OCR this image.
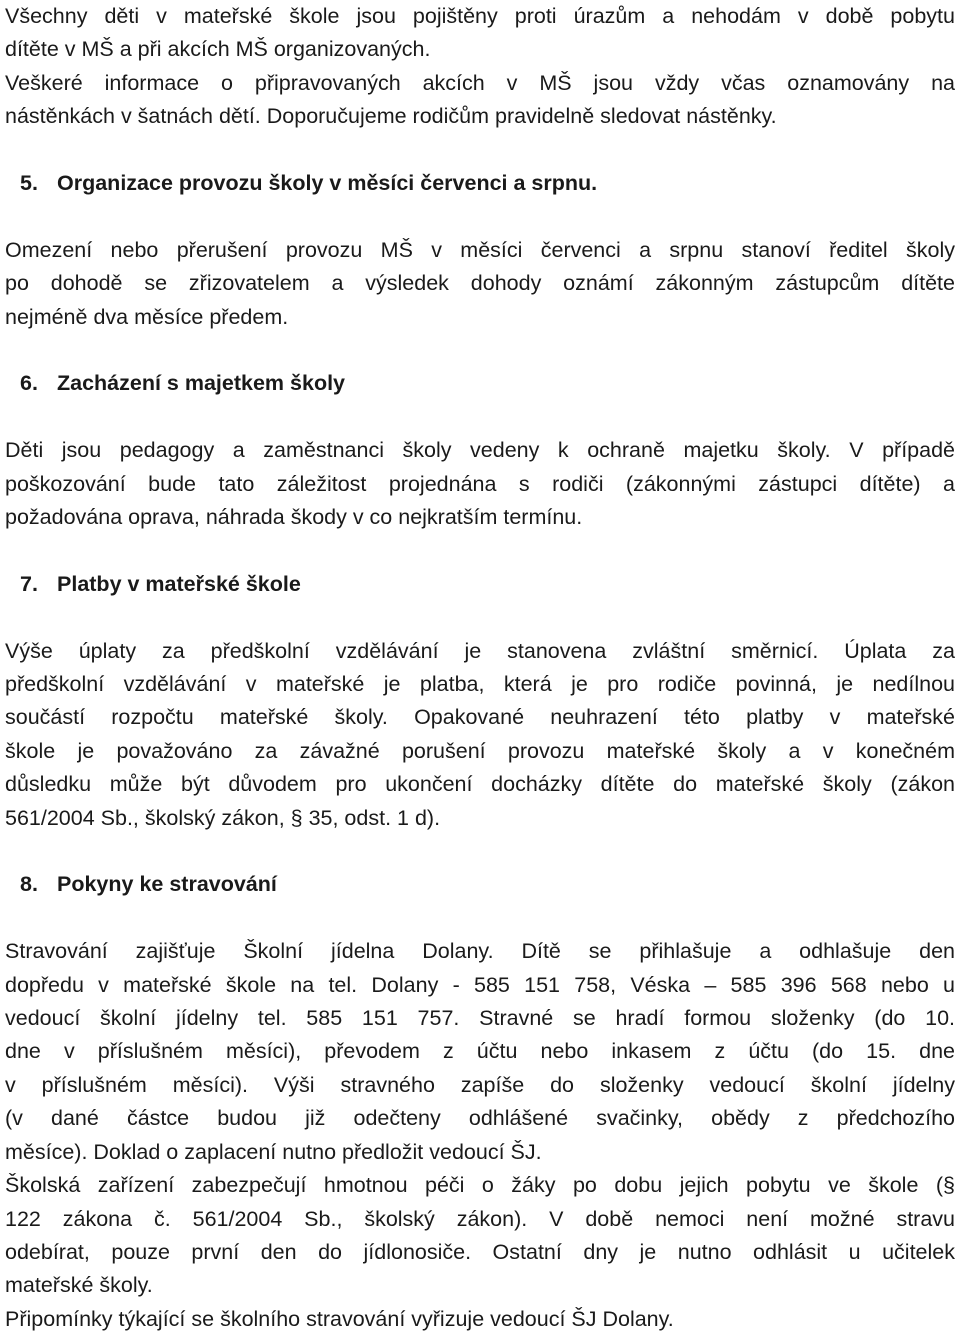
Všechny děti v mateřské škole jsou pojištěny proti úrazům a nehodám v době pobytu

dítěte v MŠ a při akcích MŠ organizovaných.

Veškeré informace o připravovaných akcích v MŠ jsou vždy včas oznamovány na

nástěnkách v šatnách dětí. Doporučujeme rodičům pravidelně sledovat nástěnky.

5. Organizace provozu školy v měsíci červenci a srpnu.

Omezení nebo přerušení provozu MŠ v měsíci červenci a srpnu stanoví ředitel školy

po dohodě se zřizovatelem a výsledek dohody oznámí zákonným zástupcům dítěte

nejméně dva měsíce předem.

6. Zacházení s majetkem školy

Děti jsou pedagogy a zaměstnanci školy vedeny k ochraně majetku školy. V případě

poškozování bude tato záležitost projednána s rodiči (zákonnými zástupci dítěte) a

požadována oprava, náhrada škody v co nejkratším termínu.

7. Platby v mateřské škole

Výše úplaty za předškolní vzdělávání je stanovena zvláštní směrnicí. Úplata za

předškolní vzdělávání v mateřské je platba, která je pro rodiče povinná, je nedílnou

součástí rozpočtu mateřské školy. Opakované neuhrazení této platby v mateřské

škole je považováno za závažné porušení provozu mateřské školy a v konečném

důsledku může být důvodem pro ukončení docházky dítěte do mateřské školy (zákon

561/2004 Sb., školský zákon, § 35, odst. 1 d).

8. Pokyny ke stravování

Stravování zajišťuje Školní jídelna Dolany. Dítě se přihlašuje a odhlašuje den

dopředu v mateřské škole na tel. Dolany - 585 151 758, Véska – 585 396 568 nebo u

vedoucí školní jídelny tel. 585 151 757. Stravné se hradí formou složenky (do 10.

dne v příslušném měsíci), převodem z účtu nebo inkasem z účtu (do 15. dne

v příslušném měsíci). Výši stravného zapíše do složenky vedoucí školní jídelny

(v dané částce budou již odečteny odhlášené svačinky, obědy z předchozího

měsíce). Doklad o zaplacení nutno předložit vedoucí ŠJ.

Školská zařízení zabezpečují hmotnou péči o žáky po dobu jejich pobytu ve škole (§

122 zákona č. 561/2004 Sb., školský zákon). V době nemoci není možné stravu

odebírat, pouze první den do jídlonosiče. Ostatní dny je nutno odhlásit u učitelek

mateřské školy.

Připomínky týkající se školního stravování vyřizuje vedoucí ŠJ Dolany.
